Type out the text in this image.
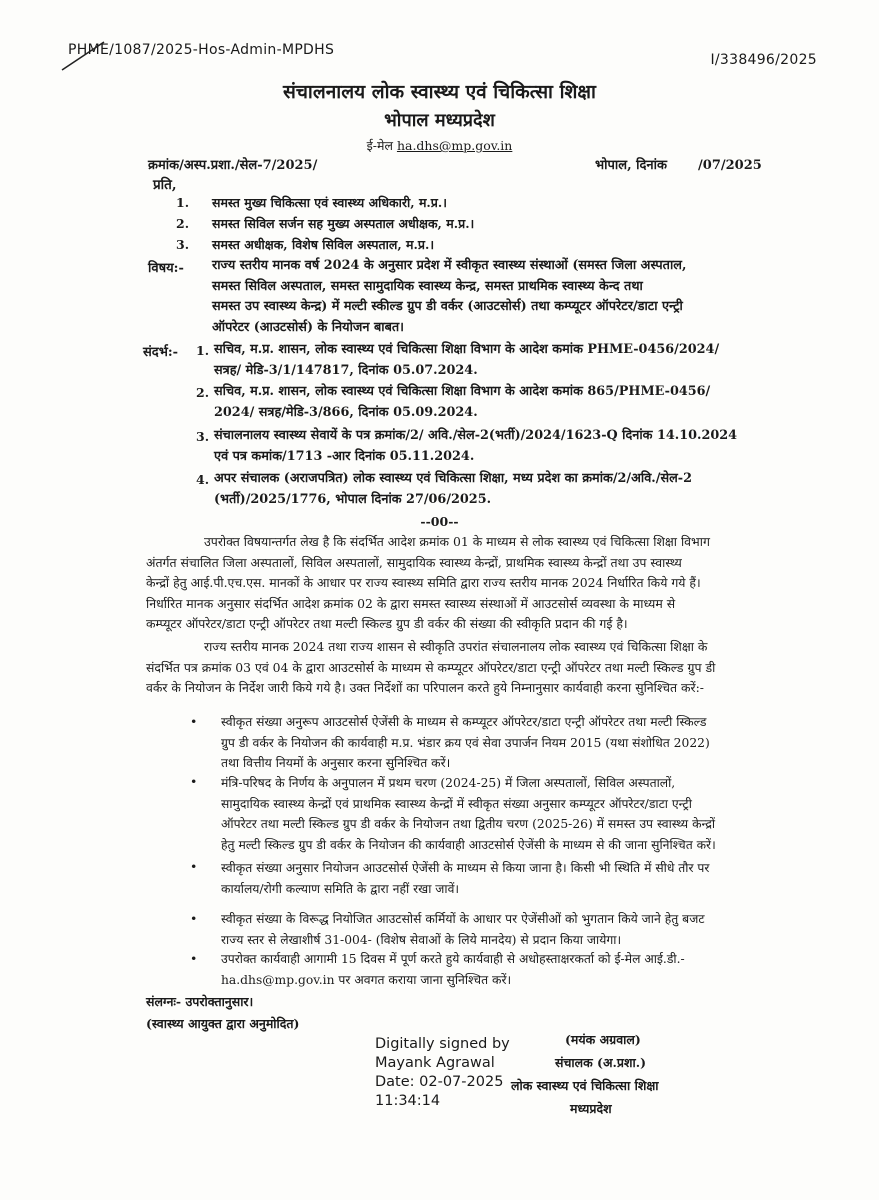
PHME/1087/2025-Hos-Admin-MPDHS
I/338496/2025
संचालनालय लोक स्वास्थ्य एवं चिकित्सा शिक्षा
भोपाल मध्यप्रदेश
ई-मेल ha.dhs@mp.gov.in
क्रमांक/अस्प.प्रशा./सेल-7/2025/	भोपाल, दिनांक /07/2025
प्रति,
1. समस्त मुख्य चिकित्सा एवं स्वास्थ्य अधिकारी, म.प्र.।
2. समस्त सिविल सर्जन सह मुख्य अस्पताल अधीक्षक, म.प्र.।
3. समस्त अधीक्षक, विशेष सिविल अस्पताल, म.प्र.।
विषय:- राज्य स्तरीय मानक वर्ष 2024 के अनुसार प्रदेश में स्वीकृत स्वास्थ्य संस्थाओं (समस्त जिला अस्पताल,
समस्त सिविल अस्पताल, समस्त सामुदायिक स्वास्थ्य केन्द्र, समस्त प्राथमिक स्वास्थ्य केन्द तथा
समस्त उप स्वास्थ्य केन्द्र) में मल्टी स्कील्ड ग्रुप डी वर्कर (आउटसोर्स) तथा कम्प्यूटर ऑपरेटर/डाटा एन्ट्री
ऑपरेटर (आउटसोर्स) के नियोजन बाबत।
संदर्भ:- 1. सचिव, म.प्र. शासन, लोक स्वास्थ्य एवं चिकित्सा शिक्षा विभाग के आदेश कमांक PHME-0456/2024/
सत्रह/ मेडि-3/1/147817, दिनांक 05.07.2024.
2. सचिव, म.प्र. शासन, लोक स्वास्थ्य एवं चिकित्सा शिक्षा विभाग के आदेश कमांक 865/PHME-0456/
2024/ सत्रह/मेडि-3/866, दिनांक 05.09.2024.
3. संचालनालय स्वास्थ्य सेवायें के पत्र क्रमांक/2/ अवि./सेल-2(भर्ती)/2024/1623-Q दिनांक 14.10.2024
एवं पत्र कमांक/1713 -आर दिनांक 05.11.2024.
4. अपर संचालक (अराजपत्रित) लोक स्वास्थ्य एवं चिकित्सा शिक्षा, मध्य प्रदेश का क्रमांक/2/अवि./सेल-2
(भर्ती)/2025/1776, भोपाल दिनांक 27/06/2025.
--00--
उपरोक्त विषयान्तर्गत लेख है कि संदर्भित आदेश क्रमांक 01 के माध्यम से लोक स्वास्थ्य एवं चिकित्सा शिक्षा विभाग
अंतर्गत संचालित जिला अस्पतालों, सिविल अस्पतालों, सामुदायिक स्वास्थ्य केन्द्रों, प्राथमिक स्वास्थ्य केन्द्रों तथा उप स्वास्थ्य
केन्द्रों हेतु आई.पी.एच.एस. मानकों के आधार पर राज्य स्वास्थ्य समिति द्वारा राज्य स्तरीय मानक 2024 निर्धारित किये गये हैं।
निर्धारित मानक अनुसार संदर्भित आदेश क्रमांक 02 के द्वारा समस्त स्वास्थ्य संस्थाओं में आउटसोर्स व्यवस्था के माध्यम से
कम्प्यूटर ऑपरेटर/डाटा एन्ट्री ऑपरेटर तथा मल्टी स्किल्ड ग्रुप डी वर्कर की संख्या की स्वीकृति प्रदान की गई है।
राज्य स्तरीय मानक 2024 तथा राज्य शासन से स्वीकृति उपरांत संचालनालय लोक स्वास्थ्य एवं चिकित्सा शिक्षा के
संदर्भित पत्र क्रमांक 03 एवं 04 के द्वारा आउटसोर्स के माध्यम से कम्प्यूटर ऑपरेटर/डाटा एन्ट्री ऑपरेटर तथा मल्टी स्किल्ड ग्रुप डी
वर्कर के नियोजन के निर्देश जारी किये गये है। उक्त निर्देशों का परिपालन करते हुये निम्नानुसार कार्यवाही करना सुनिश्चित करें:-
• स्वीकृत संख्या अनुरूप आउटसोर्स ऐजेंसी के माध्यम से कम्प्यूटर ऑपरेटर/डाटा एन्ट्री ऑपरेटर तथा मल्टी स्किल्ड
ग्रुप डी वर्कर के नियोजन की कार्यवाही म.प्र. भंडार क्रय एवं सेवा उपार्जन नियम 2015 (यथा संशोधित 2022)
तथा वित्तीय नियमों के अनुसार करना सुनिश्चित करें।
• मंत्रि-परिषद के निर्णय के अनुपालन में प्रथम चरण (2024-25) में जिला अस्पतालों, सिविल अस्पतालों,
सामुदायिक स्वास्थ्य केन्द्रों एवं प्राथमिक स्वास्थ्य केन्द्रों में स्वीकृत संख्या अनुसार कम्प्यूटर ऑपरेटर/डाटा एन्ट्री
ऑपरेटर तथा मल्टी स्किल्ड ग्रुप डी वर्कर के नियोजन तथा द्वितीय चरण (2025-26) में समस्त उप स्वास्थ्य केन्द्रों
हेतु मल्टी स्किल्ड ग्रुप डी वर्कर के नियोजन की कार्यवाही आउटसोर्स ऐजेंसी के माध्यम से की जाना सुनिश्चित करें।
• स्वीकृत संख्या अनुसार नियोजन आउटसोर्स ऐजेंसी के माध्यम से किया जाना है। किसी भी स्थिति में सीधे तौर पर
कार्यालय/रोगी कल्याण समिति के द्वारा नहीं रखा जावें।
• स्वीकृत संख्या के विरूद्ध नियोजित आउटसोर्स कर्मियों के आधार पर ऐजेंसीओं को भुगतान किये जाने हेतु बजट
राज्य स्तर से लेखाशीर्ष 31-004- (विशेष सेवाओं के लिये मानदेय) से प्रदान किया जायेगा।
• उपरोक्त कार्यवाही आगामी 15 दिवस में पूर्ण करते हुये कार्यवाही से अधोहस्ताक्षरकर्ता को ई-मेल आई.डी.-
ha.dhs@mp.gov.in पर अवगत कराया जाना सुनिश्चित करें।
संलग्नः- उपरोक्तानुसार।
(स्वास्थ्य आयुक्त द्वारा अनुमोदित)
Digitally signed by
Mayank Agrawal
Date: 02-07-2025
11:34:14
(मयंक अग्रवाल)
संचालक (अ.प्रशा.)
लोक स्वास्थ्य एवं चिकित्सा शिक्षा
मध्यप्रदेश
